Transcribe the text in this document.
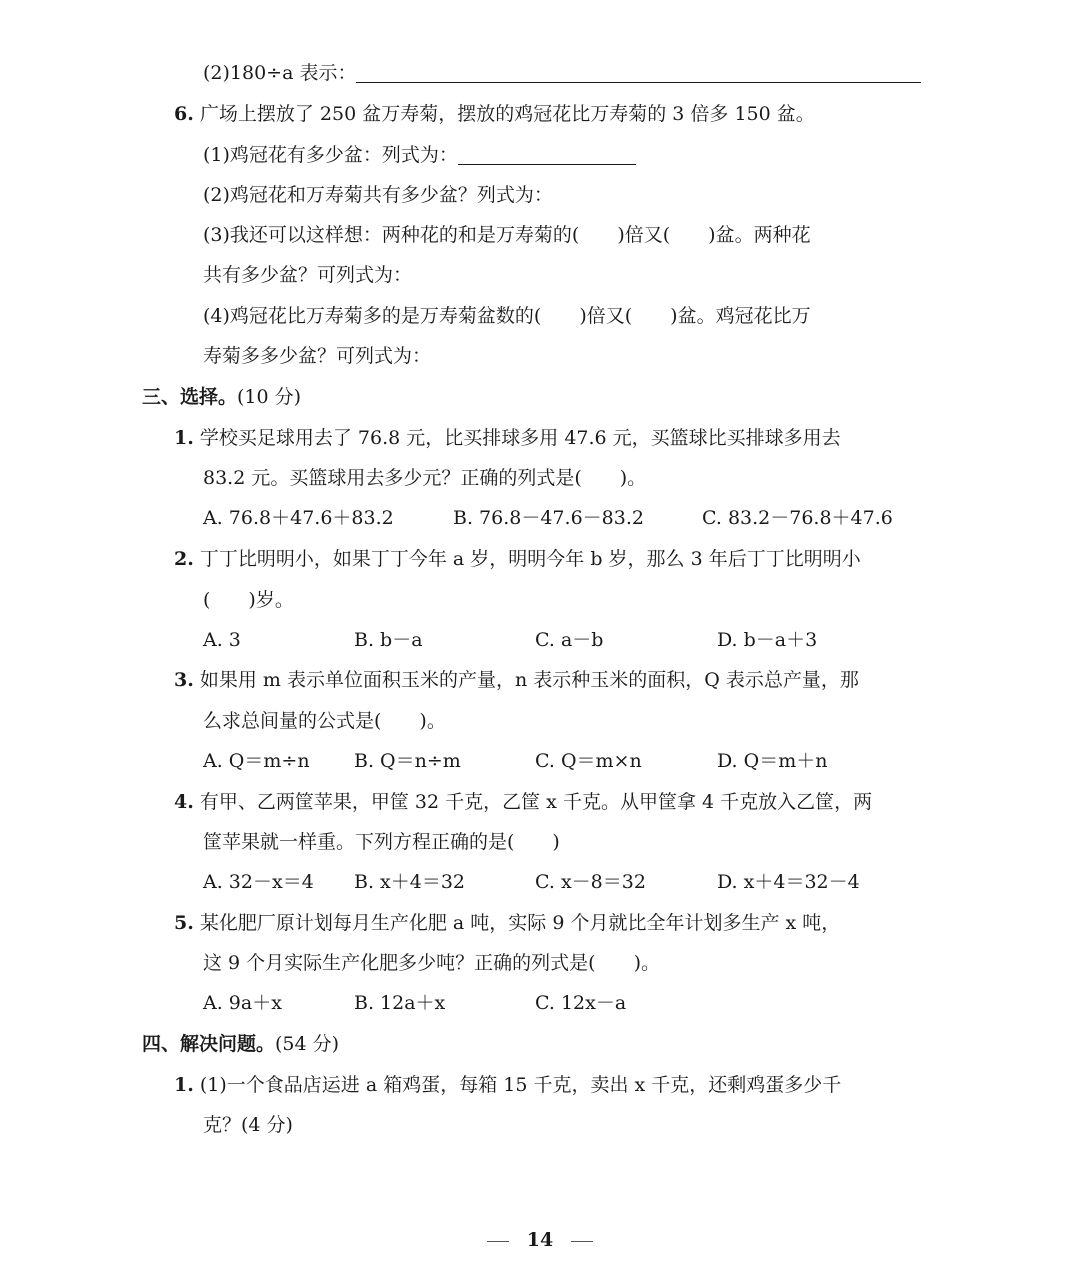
(2)180÷a 表示：
6. 广场上摆放了 250 盆万寿菊，摆放的鸡冠花比万寿菊的 3 倍多 150 盆。
(1)鸡冠花有多少盆：列式为：
(2)鸡冠花和万寿菊共有多少盆？列式为：
(3)我还可以这样想：两种花的和是万寿菊的(　　)倍又(　　)盆。两种花
共有多少盆？可列式为：
(4)鸡冠花比万寿菊多的是万寿菊盆数的(　　)倍又(　　)盆。鸡冠花比万
寿菊多多少盆？可列式为：
三、选择。(10 分)
1. 学校买足球用去了 76.8 元，比买排球多用 47.6 元，买篮球比买排球多用去
83.2 元。买篮球用去多少元？正确的列式是(　　)。
A. 76.8＋47.6＋83.2	B. 76.8－47.6－83.2	C. 83.2－76.8＋47.6
2. 丁丁比明明小，如果丁丁今年 a 岁，明明今年 b 岁，那么 3 年后丁丁比明明小
(　　)岁。
A. 3	B. b－a	C. a－b	D. b－a＋3
3. 如果用 m 表示单位面积玉米的产量，n 表示种玉米的面积，Q 表示总产量，那
么求总间量的公式是(　　)。
A. Q＝m÷n B. Q＝n÷m	C. Q＝m×n	D. Q＝m＋n
4. 有甲、乙两筐苹果，甲筐 32 千克，乙筐 x 千克。从甲筐拿 4 千克放入乙筐，两
筐苹果就一样重。下列方程正确的是(　　)
A. 32－x＝4 B. x＋4＝32	C. x－8＝32	D. x＋4＝32－4
5. 某化肥厂原计划每月生产化肥 a 吨，实际 9 个月就比全年计划多生产 x 吨，
这 9 个月实际生产化肥多少吨？正确的列式是(　　)。
A. 9a＋x	B. 12a＋x	C. 12x－a
四、解决问题。(54 分)
1. (1)一个食品店运进 a 箱鸡蛋，每箱 15 千克，卖出 x 千克，还剩鸡蛋多少千
克？(4 分)
14
